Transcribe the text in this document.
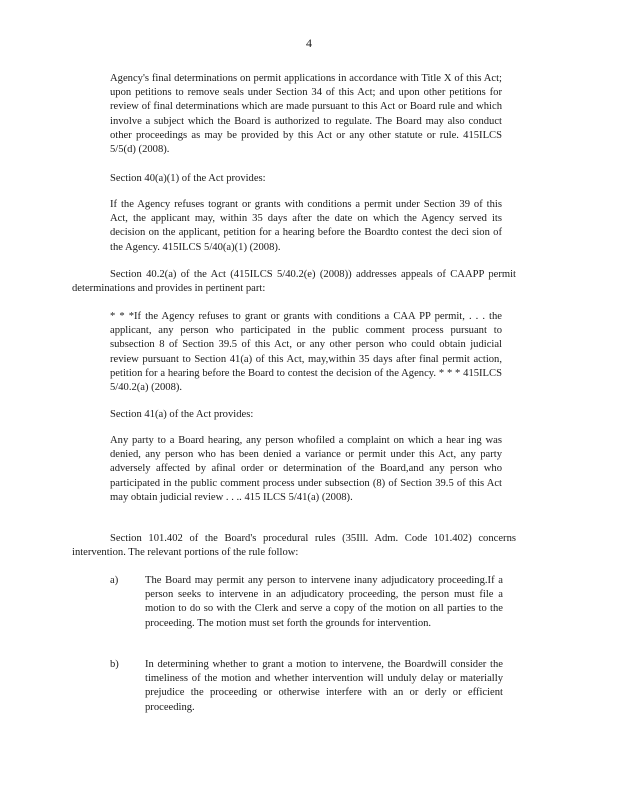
4

Agency's final determinations on permit applications in accordance with Title X of this Act; upon petitions to remove seals under Section 34 of this Act; and upon other petitions for review of final determinations which are made pursuant to this Act or Board rule and which involve a subject which the Board is authorized to regulate. The Board may also conduct other proceedings as may be provided by this Act or any other statute or rule. 415ILCS 5/5(d) (2008).

Section 40(a)(1) of the Act provides:

If the Agency refuses togrant or grants with conditions a permit under Section 39 of this Act, the applicant may, within 35 days after the date on which the Agency served its decision on the applicant, petition for a hearing before the Boardto contest the deci sion of the Agency. 415ILCS 5/40(a)(1) (2008).

Section 40.2(a) of the Act (415ILCS 5/40.2(e) (2008)) addresses appeals of CAAPP permit determinations and provides in pertinent part:

* * *If the Agency refuses to grant or grants with conditions a CAA PP permit, . . . the applicant, any person who participated in the public comment process pursuant to subsection 8 of Section 39.5 of this Act, or any other person who could obtain judicial review pursuant to Section 41(a) of this Act, may,within 35 days after final permit action, petition for a hearing before the Board to contest the decision of the Agency. * * * 415ILCS 5/40.2(a) (2008).

Section 41(a) of the Act provides:

Any party to a Board hearing, any person whofiled a complaint on which a hear ing was denied, any person who has been denied a variance or permit under this Act, any party adversely affected by afinal order or determination of the Board,and any person who participated in the public comment process under subsection (8) of Section 39.5 of this Act may obtain judicial review . . .. 415 ILCS 5/41(a) (2008).

Section 101.402 of the Board's procedural rules (35Ill. Adm. Code 101.402) concerns intervention. The relevant portions of the rule follow:

a)	The Board may permit any person to intervene inany adjudicatory proceeding.If a person seeks to intervene in an adjudicatory proceeding, the person must file a motion to do so with the Clerk and serve a copy of the motion on all parties to the proceeding. The motion must set forth the grounds for intervention.
b) In determining whether to grant a motion to intervene, the Boardwill consider the timeliness of the motion and whether intervention will unduly delay or materially prejudice the proceeding or otherwise interfere with an or derly or efficient proceeding.
